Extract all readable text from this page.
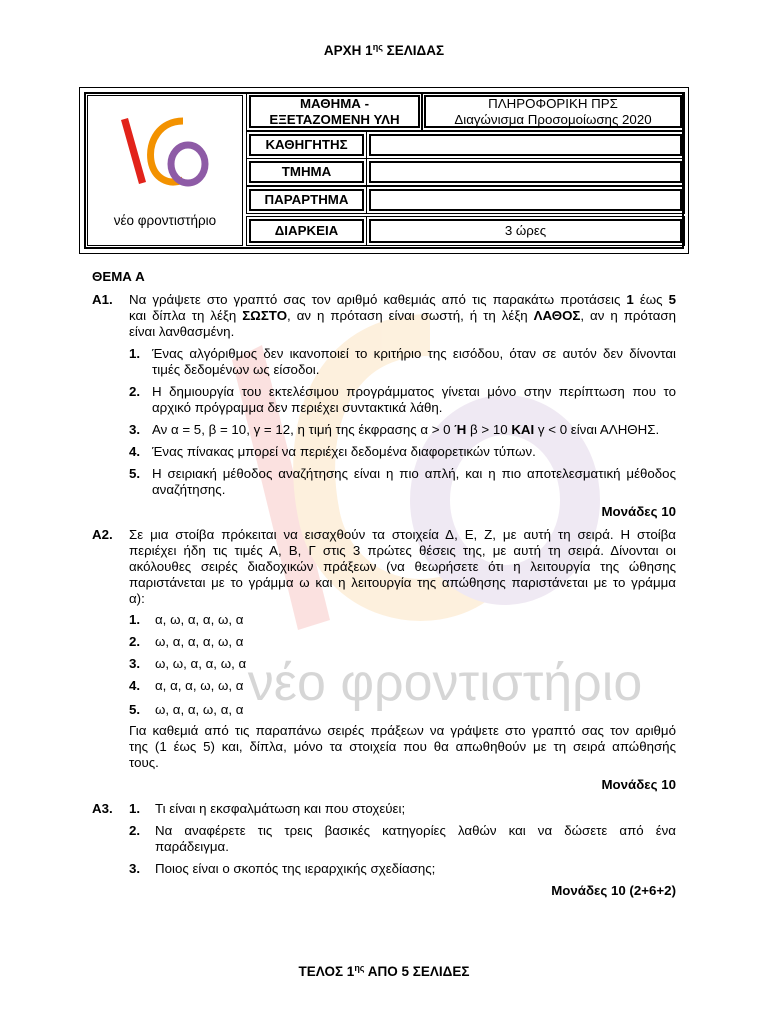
νέο φροντιστήριο
ΑΡΧΗ $1^{\eta\varsigma}$ ΣΕΛΙΔΑΣ
νέο φροντιστήριο
ΜΑΘΗΜΑ -
ΕΞΕΤΑΖΟΜΕΝΗ ΥΛΗ
ΠΛΗΡΟΦΟΡΙΚΗ ΠΡΣ
Διαγώνισμα Προσομοίωσης 2020
ΚΑΘΗΓΗΤΗΣ
ΤΜΗΜΑ
ΠΑΡΑΡΤΗΜΑ
ΔΙΑΡΚΕΙΑ	3 ώρες
ΘΕΜΑ Α
Α1. Να γράψετε στο γραπτό σας τον αριθμό καθεμιάς από τις παρακάτω προτάσεις 1 έως 5
και δίπλα τη λέξη ΣΩΣΤΟ, αν η πρόταση είναι σωστή, ή τη λέξη ΛΑΘΟΣ, αν η πρόταση
είναι λανθασμένη.
1. Ένας αλγόριθμος δεν ικανοποιεί το κριτήριο της εισόδου, όταν σε αυτόν δεν δίνονται
τιμές δεδομένων ως είσοδοι.
2. Η δημιουργία του εκτελέσιμου προγράμματος γίνεται μόνο στην περίπτωση που το
αρχικό πρόγραμμα δεν περιέχει συντακτικά λάθη.
3. Αν α = 5, β = 10, γ = 12, η τιμή της έκφρασης α > 0 Ή β > 10 ΚΑΙ γ < 0 είναι ΑΛΗΘΗΣ.
4. Ένας πίνακας μπορεί να περιέχει δεδομένα διαφορετικών τύπων.
5. Η σειριακή μέθοδος αναζήτησης είναι η πιο απλή, και η πιο αποτελεσματική μέθοδος
αναζήτησης.
Μονάδες 10
Α2. Σε μια στοίβα πρόκειται να εισαχθούν τα στοιχεία Δ, Ε, Ζ, με αυτή τη σειρά. Η στοίβα
περιέχει ήδη τις τιμές Α, Β, Γ στις 3 πρώτες θέσεις της, με αυτή τη σειρά. Δίνονται οι
ακόλουθες σειρές διαδοχικών πράξεων (να θεωρήσετε ότι η λειτουργία της ώθησης
παριστάνεται με το γράμμα ω και η λειτουργία της απώθησης παριστάνεται με το γράμμα
α):
1. α, ω, α, α, ω, α
2. ω, α, α, α, ω, α
3. ω, ω, α, α, ω, α
4. α, α, α, ω, ω, α
5. ω, α, α, ω, α, α
Για καθεμιά από τις παραπάνω σειρές πράξεων να γράψετε στο γραπτό σας τον αριθμό
της (1 έως 5) και, δίπλα, μόνο τα στοιχεία που θα απωθηθούν με τη σειρά απώθησής
τους.
Μονάδες 10
Α3. 1. Τι είναι η εκσφαλμάτωση και που στοχεύει;
2. Να αναφέρετε τις τρεις βασικές κατηγορίες λαθών και να δώσετε από ένα
παράδειγμα.
3. Ποιος είναι ο σκοπός της ιεραρχικής σχεδίασης;
Μονάδες 10 (2+6+2)
ΤΕΛΟΣ $1^{\eta\varsigma}$ ΑΠΟ 5 ΣΕΛΙΔΕΣ
